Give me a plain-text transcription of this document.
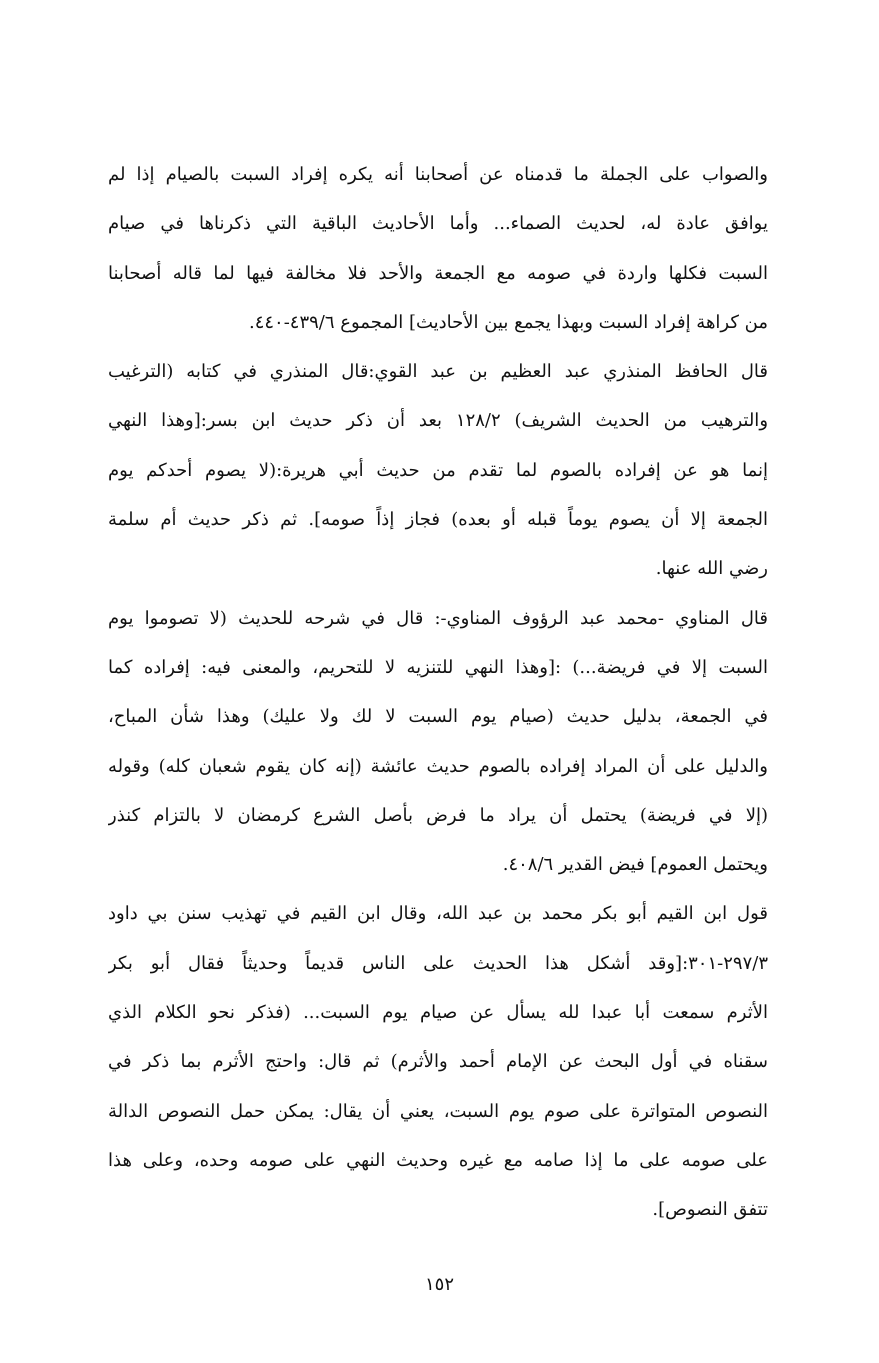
والصواب على الجملة ما قدمناه عن أصحابنا أنه يكره إفراد السبت بالصيام إذا لم
يوافق عادة له، لحديث الصماء... وأما الأحاديث الباقية التي ذكرناها في صيام
السبت فكلها واردة في صومه مع الجمعة والأحد فلا مخالفة فيها لما قاله أصحابنا
من كراهة إفراد السبت وبهذا يجمع بين الأحاديث] المجموع ٤٣٩/٦-٤٤٠.
قال الحافظ المنذري عبد العظيم بن عبد القوي:قال المنذري في كتابه (الترغيب
والترهيب من الحديث الشريف) ١٢٨/٢ بعد أن ذكر حديث ابن بسر:[وهذا النهي
إنما هو عن إفراده بالصوم لما تقدم من حديث أبي هريرة:(لا يصوم أحدكم يوم
الجمعة إلا أن يصوم يوماً قبله أو بعده) فجاز إذاً صومه]. ثم ذكر حديث أم سلمة
رضي الله عنها.
قال المناوي -محمد عبد الرؤوف المناوي-: قال في شرحه للحديث (لا تصوموا يوم
السبت إلا في فريضة...) :[وهذا النهي للتنزيه لا للتحريم، والمعنى فيه: إفراده كما
في الجمعة، بدليل حديث (صيام يوم السبت لا لك ولا عليك) وهذا شأن المباح،
والدليل على أن المراد إفراده بالصوم حديث عائشة (إنه كان يقوم شعبان كله) وقوله
(إلا في فريضة) يحتمل أن يراد ما فرض بأصل الشرع كرمضان لا بالتزام كنذر
ويحتمل العموم] فيض القدير ٤٠٨/٦.
قول ابن القيم أبو بكر محمد بن عبد الله، وقال ابن القيم في تهذيب سنن بي داود
٢٩٧/٣-٣٠١:[وقد أشكل هذا الحديث على الناس قديماً وحديثاً فقال أبو بكر
الأثرم سمعت أبا عبدا لله يسأل عن صيام يوم السبت... (فذكر نحو الكلام الذي
سقناه في أول البحث عن الإمام أحمد والأثرم) ثم قال: واحتج الأثرم بما ذكر في
النصوص المتواترة على صوم يوم السبت، يعني أن يقال: يمكن حمل النصوص الدالة
على صومه على ما إذا صامه مع غيره وحديث النهي على صومه وحده، وعلى هذا
تتفق النصوص].
١٥٢
